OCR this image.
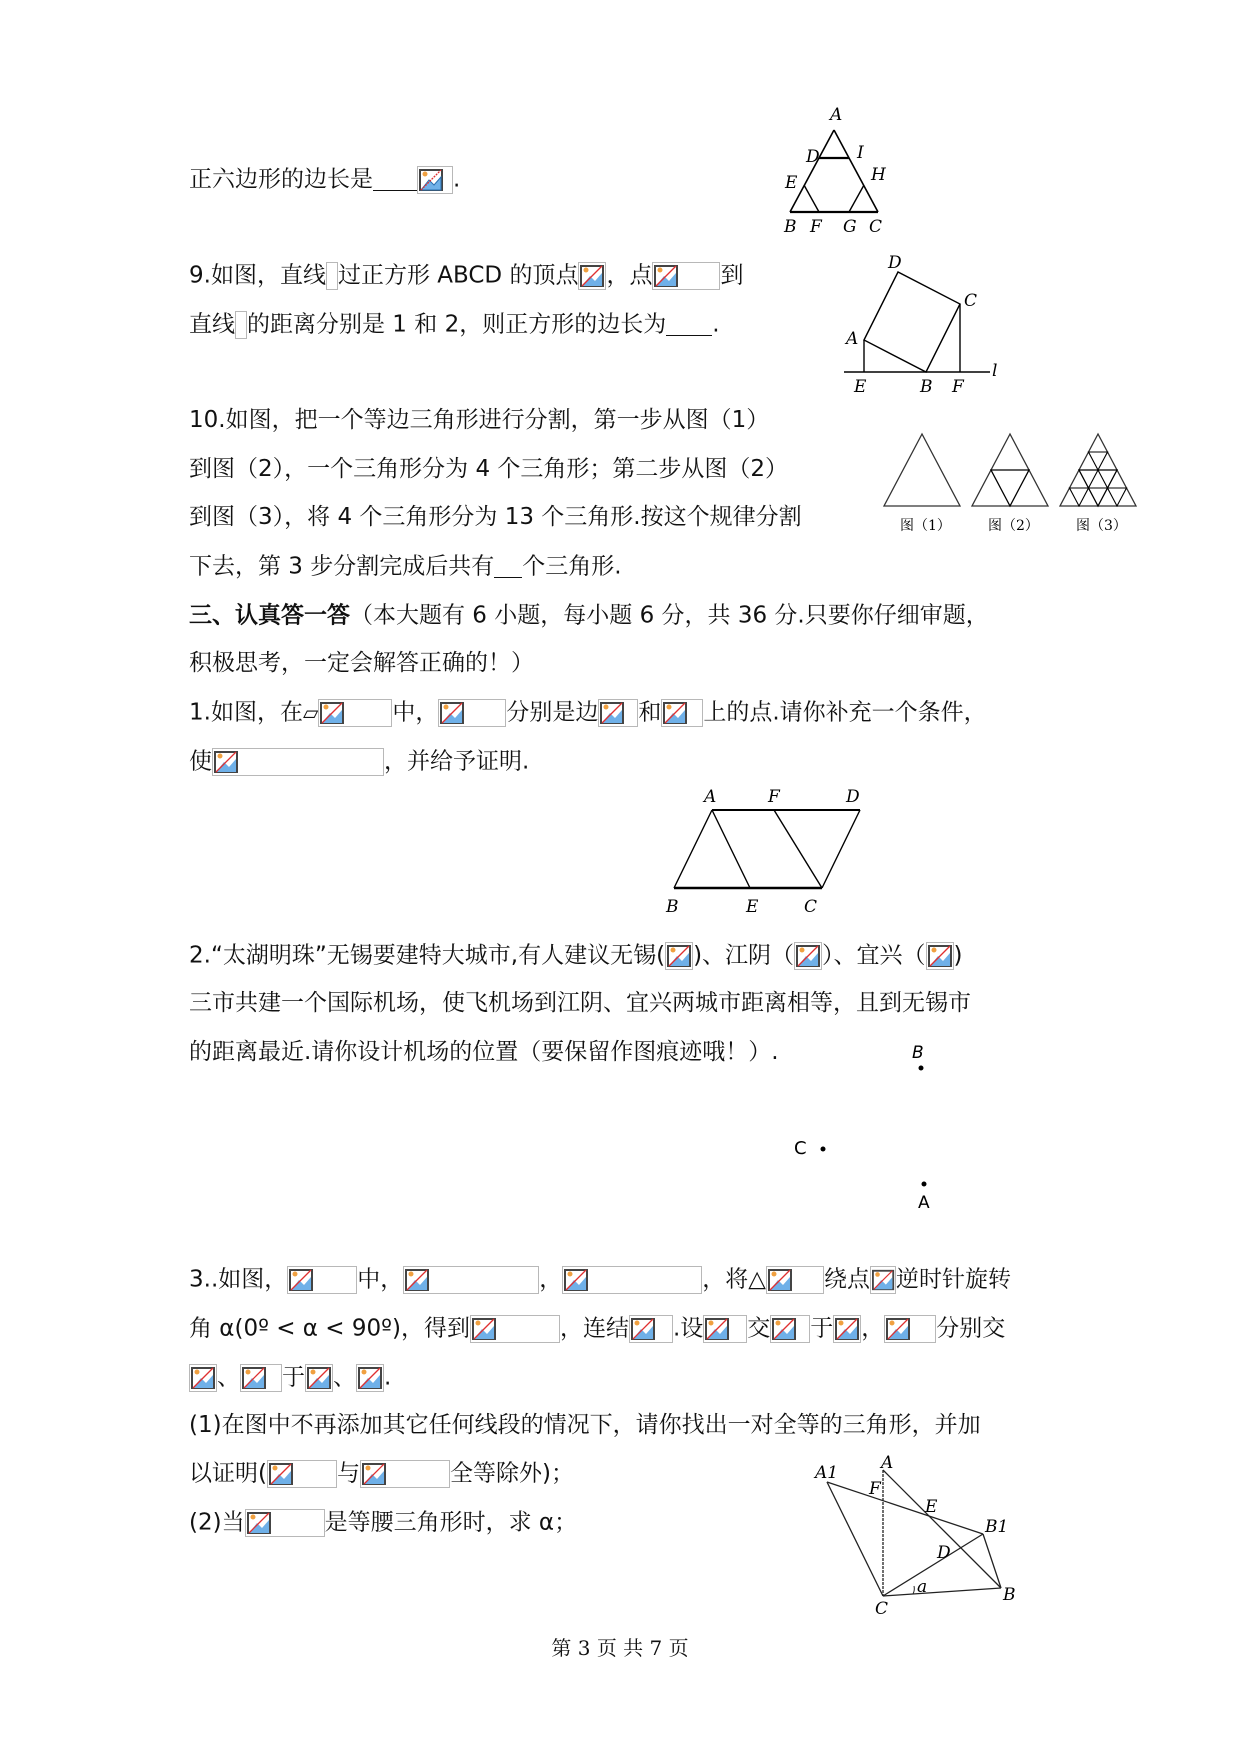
正六边形的边长是	.
A
D I
E	H
B F G C
9.如图，直线 过正方形 ABCD 的顶点 ，点	到
直线 的距离分别是 1 和 2，则正方形的边长为 .
D
C
A
E	B F
l
10.如图，把一个等边三角形进行分割，第一步从图（1）
到图（2），一个三角形分为 4 个三角形；第二步从图（2）
到图（3），将 4 个三角形分为 13 个三角形.按这个规律分割
下去，第 3 步分割完成后共有 个三角形.
图（1）	图（2）	图（3）
三、认真答一答（本大题有 6 小题，每小题 6 分，共 36 分.只要你仔细审题，
积极思考，一定会解答正确的！）
1.如图，在▱	中，	分别是边 和 上的点.请你补充一个条件，
使	，并给予证明.
A	F	D
B	E	C
2.“太湖明珠”无锡要建特大城市,有人建议无锡( )、江阴（ ）、宜兴（ )
三市共建一个国际机场，使飞机场到江阴、宜兴两城市距离相等，且到无锡市
的距离最近.请你设计机场的位置（要保留作图痕迹哦！）.	B
C
A
3..如图，	中，	，	，将△	绕点 逆时针旋转
角 α(0º < α < 90º)，得到	，连结 .设 交 于 ， 分别交
、 于 、 .
(1)在图中不再添加其它任何线段的情况下，请你找出一对全等的三角形，并加
以证明(	与	全等除外)；
(2)当	是等腰三角形时，求 α；
A1	A
F
E
B1
D
C
a	B
第 3 页 共 7 页
